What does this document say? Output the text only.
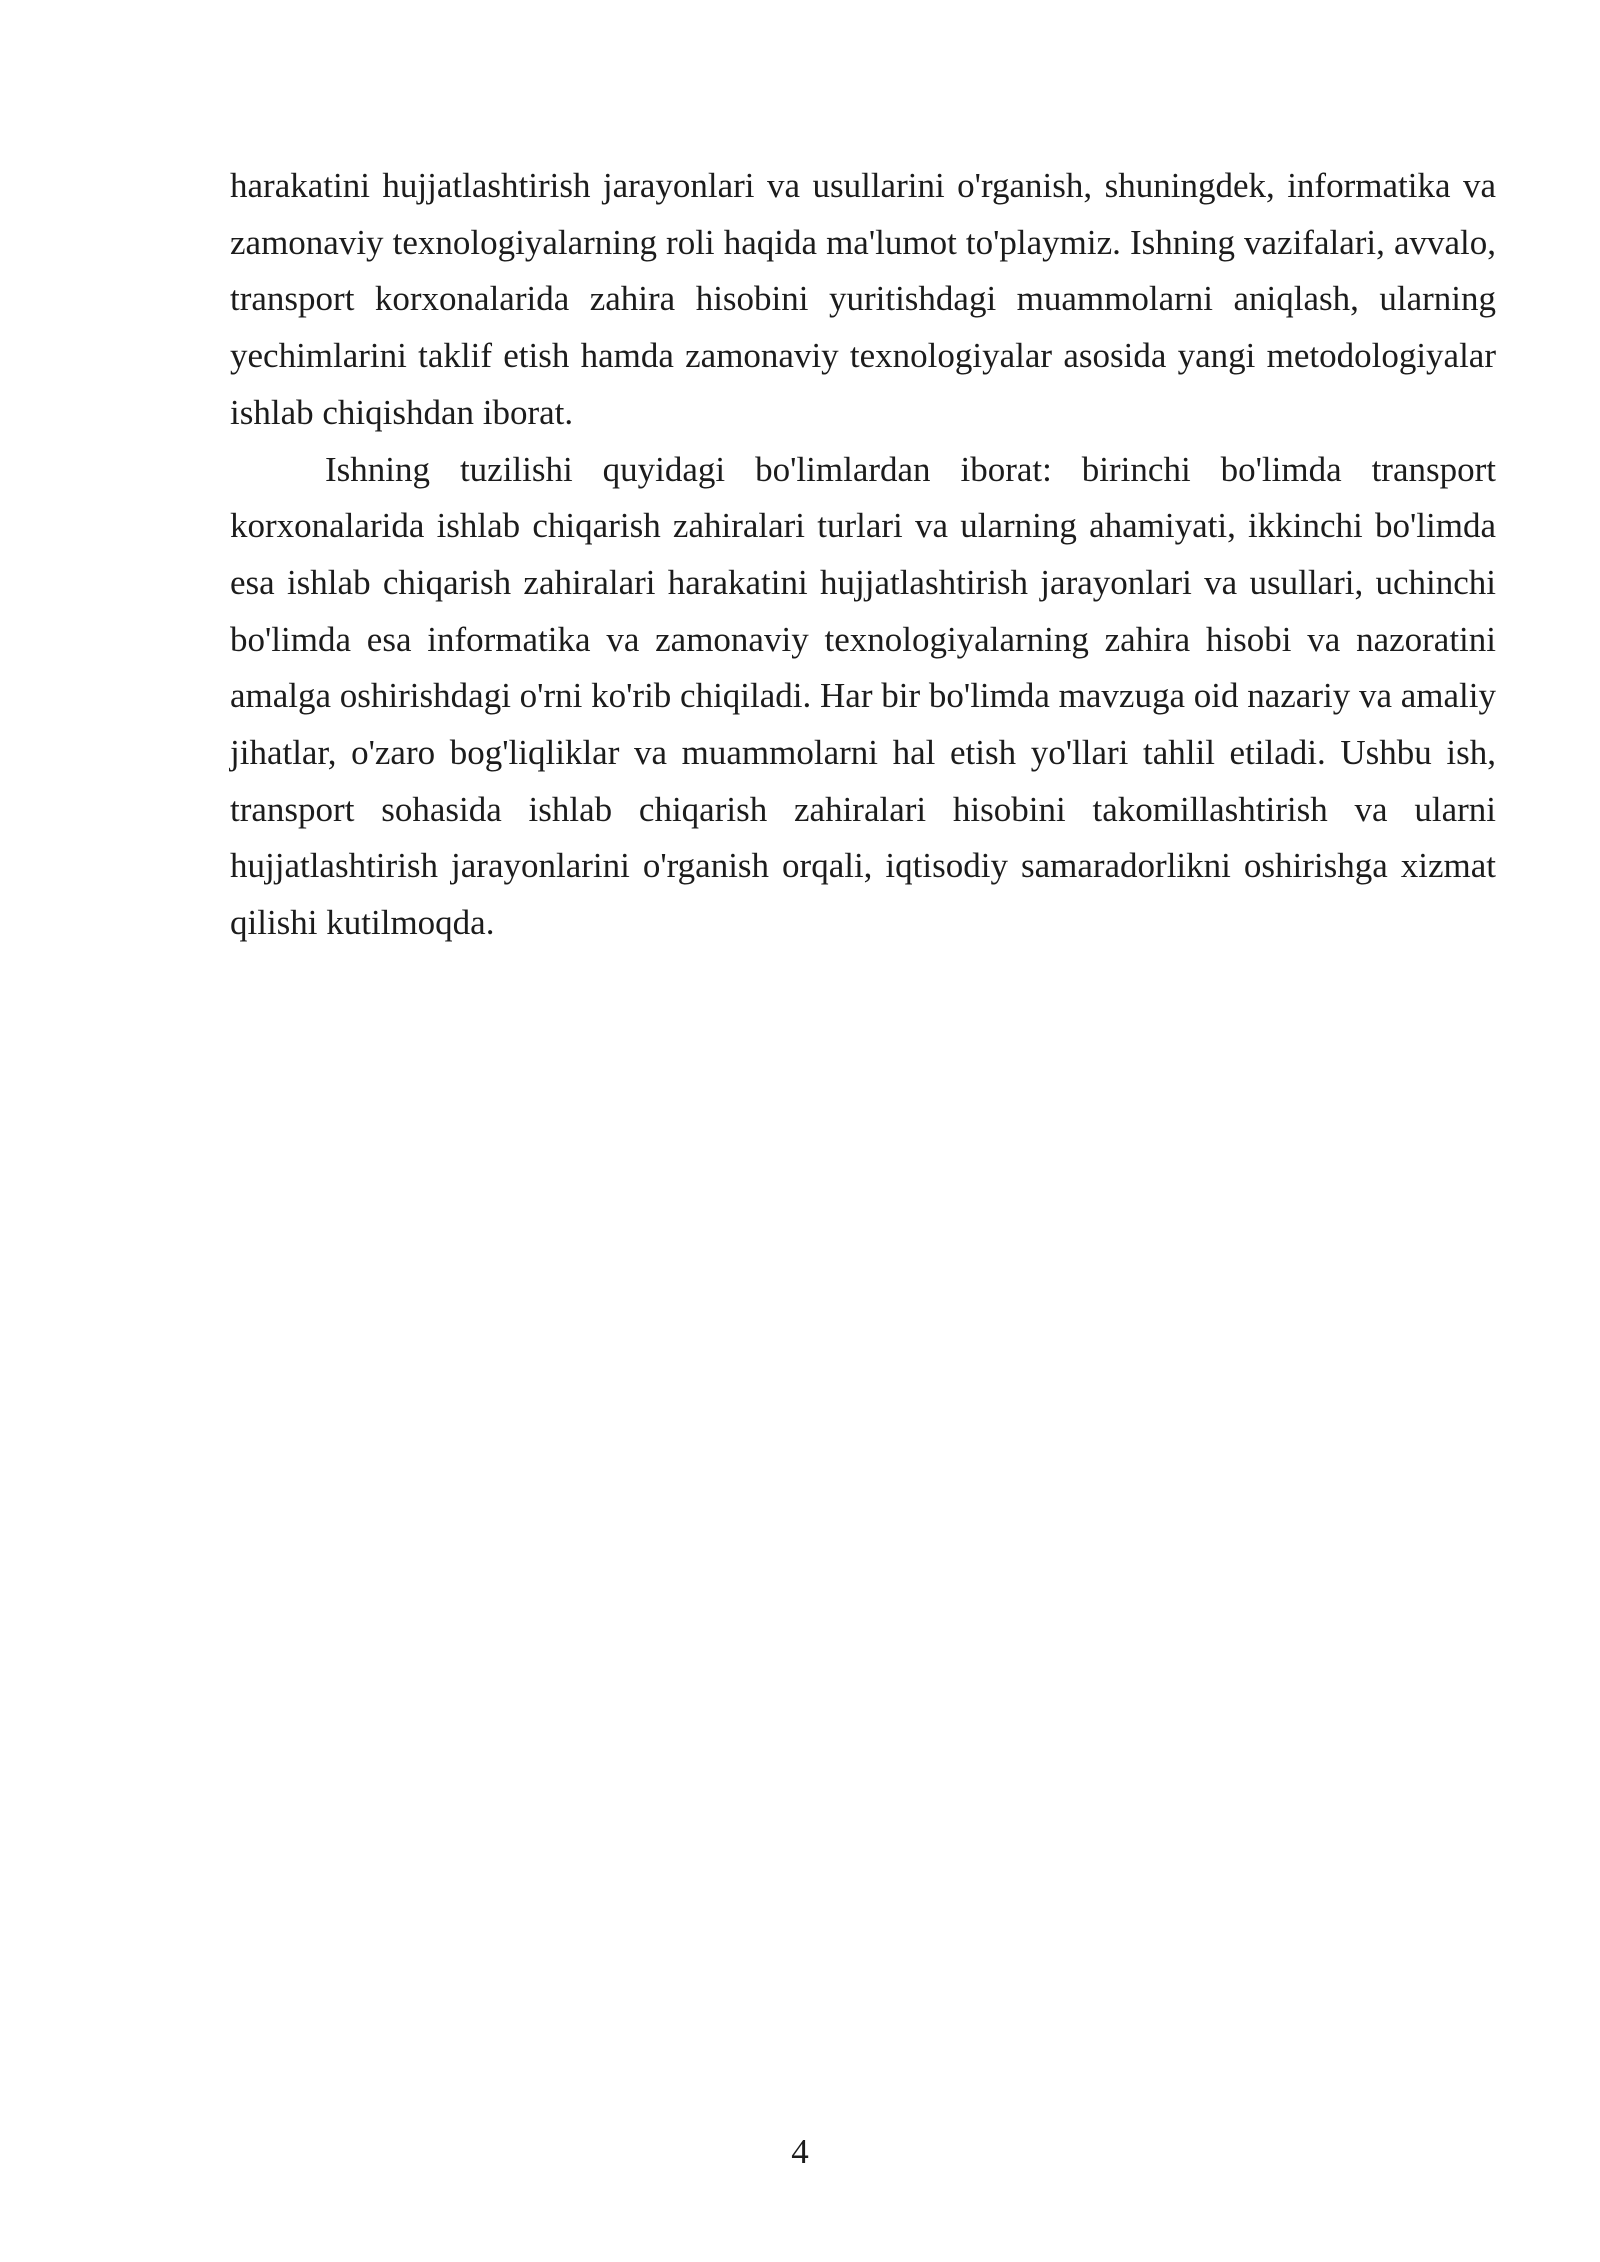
harakatini hujjatlashtirish jarayonlari va usullarini o'rganish, shuningdek, informatika va zamonaviy texnologiyalarning roli haqida ma'lumot to'playmiz. Ishning vazifalari, avvalo, transport korxonalarida zahira hisobini yuritishdagi muammolarni aniqlash, ularning yechimlarini taklif etish hamda zamonaviy texnologiyalar asosida yangi metodologiyalar ishlab chiqishdan iborat.

Ishning tuzilishi quyidagi bo'limlardan iborat: birinchi bo'limda transport korxonalarida ishlab chiqarish zahiralari turlari va ularning ahamiyati, ikkinchi bo'limda esa ishlab chiqarish zahiralari harakatini hujjatlashtirish jarayonlari va usullari, uchinchi bo'limda esa informatika va zamonaviy texnologiyalarning zahira hisobi va nazoratini amalga oshirishdagi o'rni ko'rib chiqiladi. Har bir bo'limda mavzuga oid nazariy va amaliy jihatlar, o'zaro bog'liqliklar va muammolarni hal etish yo'llari tahlil etiladi. Ushbu ish, transport sohasida ishlab chiqarish zahiralari hisobini takomillashtirish va ularni hujjatlashtirish jarayonlarini o'rganish orqali, iqtisodiy samaradorlikni oshirishga xizmat qilishi kutilmoqda.

4
